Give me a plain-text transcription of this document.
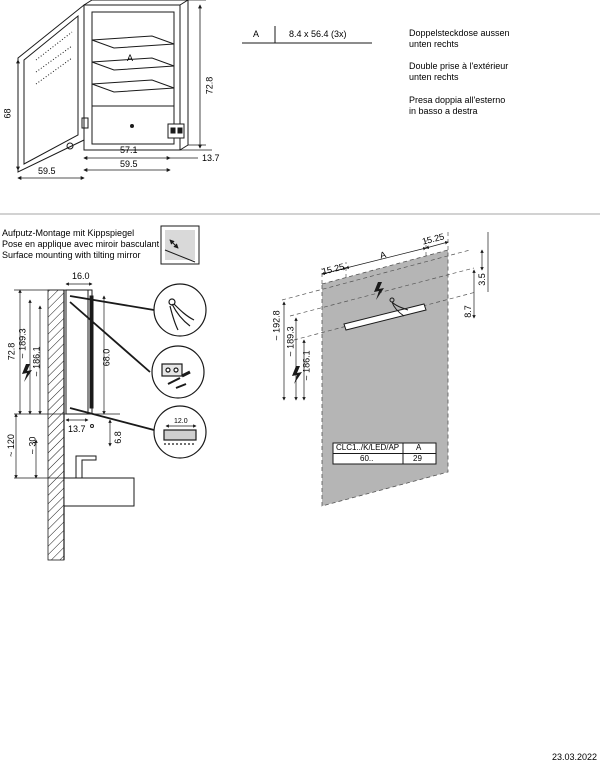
A
68
72.8
57.1
59.5
59.5
13.7
A	8.4 x 56.4 (3x)	Doppelsteckdose aussen
unten rechts
Double prise à l'extérieur
unten rechts
Presa doppia all'esterno
in basso a destra
Aufputz-Montage mit Kippspiegel
Pose en applique avec miroir basculant
Surface mounting with tilting mirror
16.0
72.8 ~ 189.3
~ 186.1	68.0
13.7
6.8
~ 120 ~ 30
12.0
15.25
A
15.25
3.5
8.7
~ 192.8
~ 189.3
~ 186.1
CLC1../K/LED/AP A
60..	29
23.03.2022
